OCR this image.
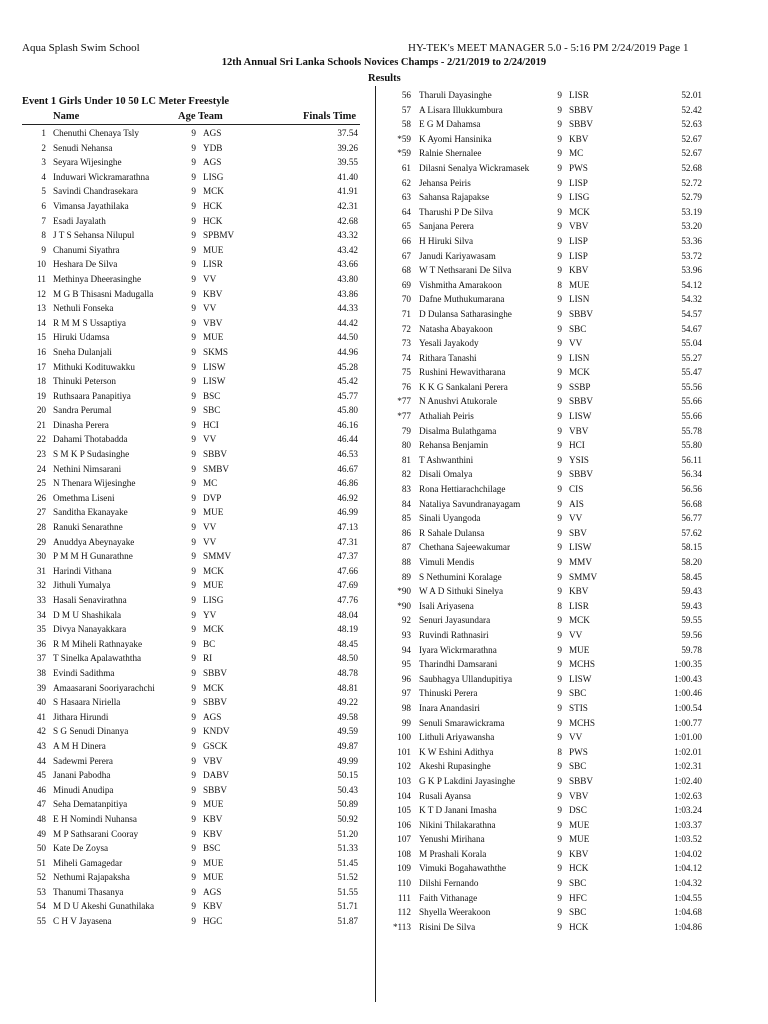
Aqua Splash Swim School	HY-TEK's MEET MANAGER 5.0 - 5:16 PM 2/24/2019 Page 1
12th Annual Sri Lanka Schools Novices Champs - 2/21/2019 to 2/24/2019
Results
Event 1 Girls Under 10 50 LC Meter Freestyle
Name	Age Team	Finals Time
1 Chenuthi Chenaya Tsly	9 AGS	37.54
2 Senudi Nehansa	9 YDB	39.26
3 Seyara Wijesinghe	9 AGS	39.55
4 Induwari Wickramarathna	9 LISG	41.40
5 Savindi Chandrasekara	9 MCK	41.91
6 Vimansa Jayathilaka	9 HCK	42.31
7 Esadi Jayalath	9 HCK	42.68
8 J T S Sehansa Nilupul	9 SPBMV	43.32
9 Chanumi Siyathra	9 MUE	43.42
10 Heshara De Silva	9 LISR	43.66
11 Methinya Dheerasinghe	9 VV	43.80
12 M G B Thisasni Madugalla	9 KBV	43.86
13 Nethuli Fonseka	9 VV	44.33
14 R M M S Ussaptiya	9 VBV	44.42
15 Hiruki Udamsa	9 MUE	44.50
16 Sneha Dulanjali	9 SKMS	44.96
17 Mithuki Kodituwakku	9 LISW	45.28
18 Thinuki Peterson	9 LISW	45.42
19 Ruthsaara Panapitiya	9 BSC	45.77
20 Sandra Perumal	9 SBC	45.80
21 Dinasha Perera	9 HCI	46.16
22 Dahami Thotabadda	9 VV	46.44
23 S M K P Sudasinghe	9 SBBV	46.53
24 Nethini Nimsarani	9 SMBV	46.67
25 N Thenara Wijesinghe	9 MC	46.86
26 Omethma Liseni	9 DVP	46.92
27 Sanditha Ekanayake	9 MUE	46.99
28 Ranuki Senarathne	9 VV	47.13
29 Anuddya Abeynayake	9 VV	47.31
30 P M M H Gunarathne	9 SMMV	47.37
31 Harindi Vithana	9 MCK	47.66
32 Jithuli Yumalya	9 MUE	47.69
33 Hasali Senavirathna	9 LISG	47.76
34 D M U Shashikala	9 YV	48.04
35 Divya Nanayakkara	9 MCK	48.19
36 R M Miheli Rathnayake	9 BC	48.45
37 T Sinelka Apalawaththa	9 RI	48.50
38 Evindi Sadithma	9 SBBV	48.78
39 Amaasarani Sooriyarachchi	9 MCK	48.81
40 S Hasaara Niriella	9 SBBV	49.22
41 Jithara Hirundi	9 AGS	49.58
42 S G Senudi Dinanya	9 KNDV	49.59
43 A M H Dinera	9 GSCK	49.87
44 Sadewmi Perera	9 VBV	49.99
45 Janani Pabodha	9 DABV	50.15
46 Minudi Anudipa	9 SBBV	50.43
47 Seha Dematanpitiya	9 MUE	50.89
48 E H Nomindi Nuhansa	9 KBV	50.92
49 M P Sathsarani Cooray	9 KBV	51.20
50 Kate De Zoysa	9 BSC	51.33
51 Miheli Gamagedar	9 MUE	51.45
52 Nethumi Rajapaksha	9 MUE	51.52
53 Thanumi Thasanya	9 AGS	51.55
54 M D U Akeshi Gunathilaka	9 KBV	51.71
55 C H V Jayasena	9 HGC	51.87
56 Tharuli Dayasinghe	9 LISR	52.01
57 A Lisara Illukkumbura	9 SBBV	52.42
58 E G M Dahamsa	9 SBBV	52.63
*59 K Ayomi Hansinika	9 KBV	52.67
*59 Ralnie Shernalee	9 MC	52.67
61 Dilasni Senalya Wickramasek	9 PWS	52.68
62 Jehansa Peiris	9 LISP	52.72
63 Sahansa Rajapakse	9 LISG	52.79
64 Tharushi P De Silva	9 MCK	53.19
65 Sanjana Perera	9 VBV	53.20
66 H Hiruki Silva	9 LISP	53.36
67 Janudi Kariyawasam	9 LISP	53.72
68 W T Nethsarani De Silva	9 KBV	53.96
69 Vishmitha Amarakoon	8 MUE	54.12
70 Dafne Muthukumarana	9 LISN	54.32
71 D Dulansa Satharasinghe	9 SBBV	54.57
72 Natasha Abayakoon	9 SBC	54.67
73 Yesali Jayakody	9 VV	55.04
74 Rithara Tanashi	9 LISN	55.27
75 Rushini Hewavitharana	9 MCK	55.47
76 K K G Sankalani Perera	9 SSBP	55.56
*77 N Anushvi Atukorale	9 SBBV	55.66
*77 Athaliah Peiris	9 LISW	55.66
79 Disalma Bulathgama	9 VBV	55.78
80 Rehansa Benjamin	9 HCI	55.80
81 T Ashwanthini	9 YSIS	56.11
82 Disali Omalya	9 SBBV	56.34
83 Rona Hettiarachchilage	9 CIS	56.56
84 Nataliya Savundranayagam	9 AIS	56.68
85 Sinali Uyangoda	9 VV	56.77
86 R Sahale Dulansa	9 SBV	57.62
87 Chethana Sajeewakumar	9 LISW	58.15
88 Vimuli Mendis	9 MMV	58.20
89 S Nethumini Koralage	9 SMMV	58.45
*90 W A D Sithuki Sinelya	9 KBV	59.43
*90 Isali Ariyasena	8 LISR	59.43
92 Senuri Jayasundara	9 MCK	59.55
93 Ruvindi Rathnasiri	9 VV	59.56
94 Iyara Wickrmarathna	9 MUE	59.78
95 Tharindhi Damsarani	9 MCHS	1:00.35
96 Saubhagya Ullandupitiya	9 LISW	1:00.43
97 Thinuski Perera	9 SBC	1:00.46
98 Inara Anandasiri	9 STIS	1:00.54
99 Senuli Smarawickrama	9 MCHS	1:00.77
100 Lithuli Ariyawansha	9 VV	1:01.00
101 K W Eshini Adithya	8 PWS	1:02.01
102 Akeshi Rupasinghe	9 SBC	1:02.31
103 G K P Lakdini Jayasinghe	9 SBBV	1:02.40
104 Rusali Ayansa	9 VBV	1:02.63
105 K T D Janani Imasha	9 DSC	1:03.24
106 Nikini Thilakarathna	9 MUE	1:03.37
107 Yenushi Mirihana	9 MUE	1:03.52
108 M Prashali Korala	9 KBV	1:04.02
109 Vimuki Bogahawaththe	9 HCK	1:04.12
110 Dilshi Fernando	9 SBC	1:04.32
111 Faith Vithanage	9 HFC	1:04.55
112 Shyella Weerakoon	9 SBC	1:04.68
*113 Risini De Silva	9 HCK	1:04.86
